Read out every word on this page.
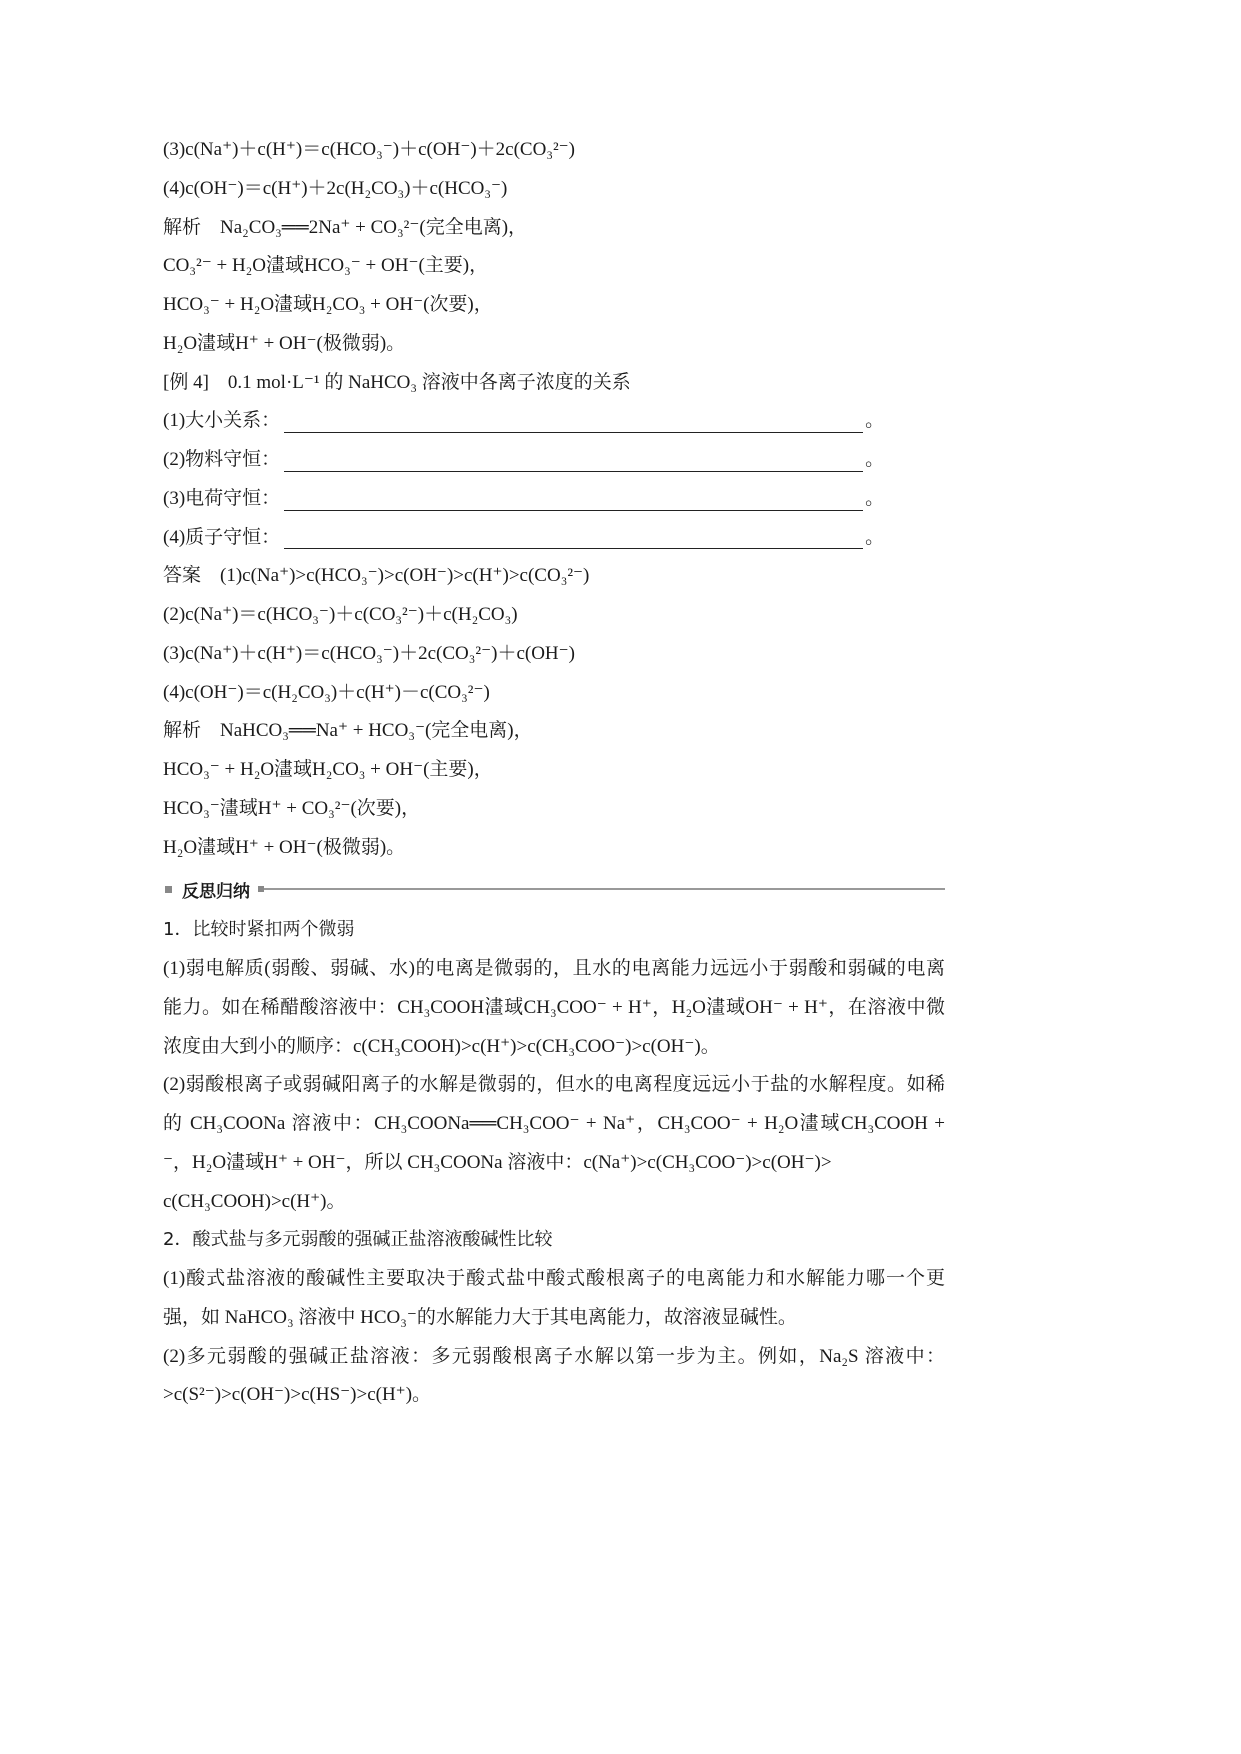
(3)c(Na⁺)＋c(H⁺)＝c(HCO₃⁻)＋c(OH⁻)＋2c(CO₃²⁻)
(4)c(OH⁻)＝c(H⁺)＋2c(H₂CO₃)＋c(HCO₃⁻)
解析　Na₂CO₃══2Na⁺ + CO₃²⁻(完全电离)，
CO₃²⁻ + H₂O澅琙HCO₃⁻ + OH⁻(主要)，
HCO₃⁻ + H₂O澅琙H₂CO₃ + OH⁻(次要)，
H₂O澅琙H⁺ + OH⁻(极微弱)。
[例 4]　0.1 mol·L⁻¹ 的 NaHCO₃ 溶液中各离子浓度的关系
(1)大小关系：	。
(2)物料守恒：	。
(3)电荷守恒：	。
(4)质子守恒：	。
答案　(1)c(Na⁺)>c(HCO₃⁻)>c(OH⁻)>c(H⁺)>c(CO₃²⁻)
(2)c(Na⁺)＝c(HCO₃⁻)＋c(CO₃²⁻)＋c(H₂CO₃)
(3)c(Na⁺)＋c(H⁺)＝c(HCO₃⁻)＋2c(CO₃²⁻)＋c(OH⁻)
(4)c(OH⁻)＝c(H₂CO₃)＋c(H⁺)－c(CO₃²⁻)
解析　NaHCO₃══Na⁺ + HCO₃⁻(完全电离)，
HCO₃⁻ + H₂O澅琙H₂CO₃ + OH⁻(主要)，
HCO₃⁻澅琙H⁺ + CO₃²⁻(次要)，
H₂O澅琙H⁺ + OH⁻(极微弱)。
反思归纳
1．比较时紧扣两个微弱
(1)弱电解质(弱酸、弱碱、水)的电离是微弱的，且水的电离能力远远小于弱酸和弱碱的电离
能力。如在稀醋酸溶液中：CH₃COOH澅琙CH₃COO⁻ + H⁺，H₂O澅琙OH⁻ + H⁺，在溶液中微
浓度由大到小的顺序：c(CH₃COOH)>c(H⁺)>c(CH₃COO⁻)>c(OH⁻)。
(2)弱酸根离子或弱碱阳离子的水解是微弱的，但水的电离程度远远小于盐的水解程度。如稀
的 CH₃COONa 溶液中：CH₃COONa══CH₃COO⁻ + Na⁺，CH₃COO⁻ + H₂O澅琙CH₃COOH +
⁻，H₂O澅琙H⁺ + OH⁻，所以 CH₃COONa 溶液中：c(Na⁺)>c(CH₃COO⁻)>c(OH⁻)>
c(CH₃COOH)>c(H⁺)。
2．酸式盐与多元弱酸的强碱正盐溶液酸碱性比较
(1)酸式盐溶液的酸碱性主要取决于酸式盐中酸式酸根离子的电离能力和水解能力哪一个更
强，如 NaHCO₃ 溶液中 HCO₃⁻的水解能力大于其电离能力，故溶液显碱性。
(2)多元弱酸的强碱正盐溶液：多元弱酸根离子水解以第一步为主。例如，Na₂S 溶液中：
>c(S²⁻)>c(OH⁻)>c(HS⁻)>c(H⁺)。
